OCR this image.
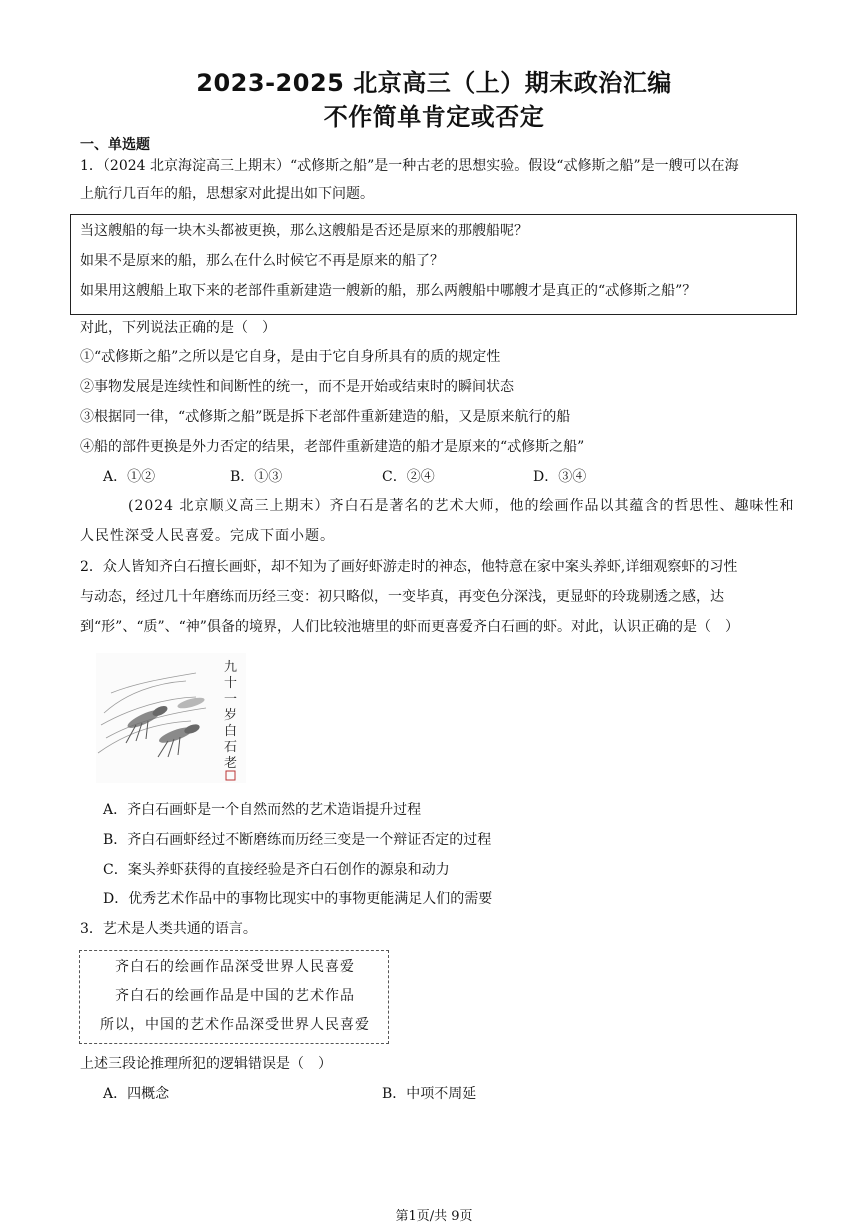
2023-2025 北京高三（上）期末政治汇编
不作简单肯定或否定
一、单选题
1．（2024 北京海淀高三上期末）“忒修斯之船”是一种古老的思想实验。假设“忒修斯之船”是一艘可以在海
上航行几百年的船，思想家对此提出如下问题。
当这艘船的每一块木头都被更换，那么这艘船是否还是原来的那艘船呢？
如果不是原来的船，那么在什么时候它不再是原来的船了？
如果用这艘船上取下来的老部件重新建造一艘新的船，那么两艘船中哪艘才是真正的“忒修斯之船”？
对此，下列说法正确的是（　）
①“忒修斯之船”之所以是它自身，是由于它自身所具有的质的规定性
②事物发展是连续性和间断性的统一，而不是开始或结束时的瞬间状态
③根据同一律，“忒修斯之船”既是拆下老部件重新建造的船，又是原来航行的船
④船的部件更换是外力否定的结果，老部件重新建造的船才是原来的“忒修斯之船”
A．①②	B．①③	C．②④	D．③④
(2024 北京顺义高三上期末）齐白石是著名的艺术大师，他的绘画作品以其蕴含的哲思性、趣味性和
人民性深受人民喜爱。完成下面小题。
2．众人皆知齐白石擅长画虾，却不知为了画好虾游走时的神态，他特意在家中案头养虾,详细观察虾的习性
与动态，经过几十年磨练而历经三变：初只略似，一变毕真，再变色分深浅，更显虾的玲珑剔透之感，达
到“形”、“质”、“神”俱备的境界，人们比较池塘里的虾而更喜爱齐白石画的虾。对此，认识正确的是（　）
九
十
一
岁
白
石
老
A．齐白石画虾是一个自然而然的艺术造诣提升过程
B．齐白石画虾经过不断磨练而历经三变是一个辩证否定的过程
C．案头养虾获得的直接经验是齐白石创作的源泉和动力
D．优秀艺术作品中的事物比现实中的事物更能满足人们的需要
3．艺术是人类共通的语言。
齐白石的绘画作品深受世界人民喜爱
齐白石的绘画作品是中国的艺术作品
所以，中国的艺术作品深受世界人民喜爱
上述三段论推理所犯的逻辑错误是（　）
A．四概念	B．中项不周延
第1页/共 9页
